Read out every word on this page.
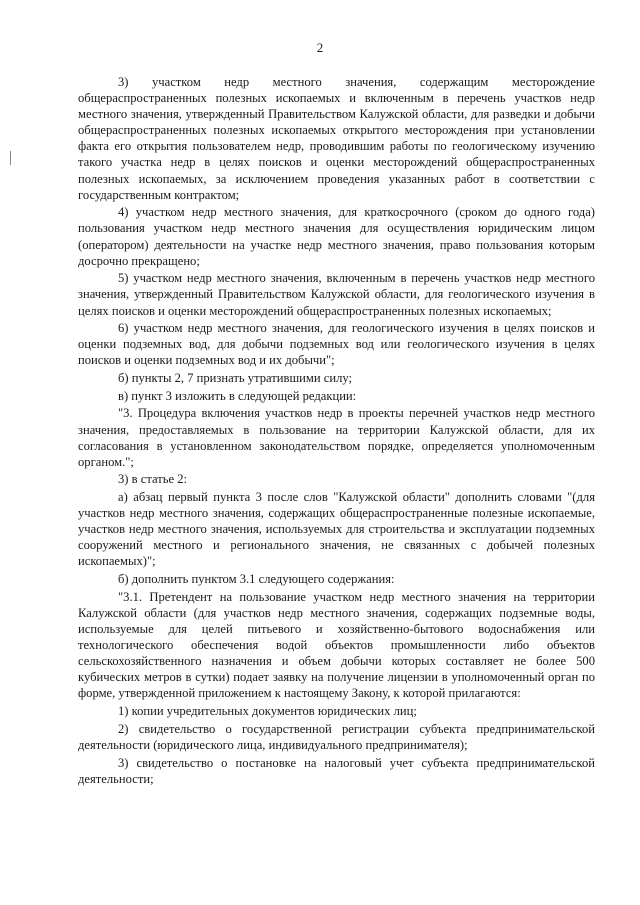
2

3) участком недр местного значения, содержащим месторождение общераспространенных полезных ископаемых и включенным в перечень участков недр местного значения, утвержденный Правительством Калужской области, для разведки и добычи общераспространенных полезных ископаемых открытого месторождения при установлении факта его открытия пользователем недр, проводившим работы по геологическому изучению такого участка недр в целях поисков и оценки месторождений общераспространенных полезных ископаемых, за исключением проведения указанных работ в соответствии с государственным контрактом;

4) участком недр местного значения, для краткосрочного (сроком до одного года) пользования участком недр местного значения для осуществления юридическим лицом (оператором) деятельности на участке недр местного значения, право пользования которым досрочно прекращено;

5) участком недр местного значения, включенным в перечень участков недр местного значения, утвержденный Правительством Калужской области, для геологического изучения в целях поисков и оценки месторождений общераспространенных полезных ископаемых;

6) участком недр местного значения, для геологического изучения в целях поисков и оценки подземных вод, для добычи подземных вод или геологического изучения в целях поисков и оценки подземных вод и их добычи";

б) пункты 2, 7 признать утратившими силу;

в) пункт 3 изложить в следующей редакции:

"3. Процедура включения участков недр в проекты перечней участков недр местного значения, предоставляемых в пользование на территории Калужской области, для их согласования в установленном законодательством порядке, определяется уполномоченным органом.";

3) в статье 2:

а) абзац первый пункта 3 после слов "Калужской области" дополнить словами "(для участков недр местного значения, содержащих общераспространенные полезные ископаемые, участков недр местного значения, используемых для строительства и эксплуатации подземных сооружений местного и регионального значения, не связанных с добычей полезных ископаемых)";

б) дополнить пунктом 3.1 следующего содержания:

"3.1. Претендент на пользование участком недр местного значения на территории Калужской области (для участков недр местного значения, содержащих подземные воды, используемые для целей питьевого и хозяйственно-бытового водоснабжения или технологического обеспечения водой объектов промышленности либо объектов сельскохозяйственного назначения и объем добычи которых составляет не более 500 кубических метров в сутки) подает заявку на получение лицензии в уполномоченный орган по форме, утвержденной приложением к настоящему Закону, к которой прилагаются:

1) копии учредительных документов юридических лиц;

2) свидетельство о государственной регистрации субъекта предпринимательской деятельности (юридического лица, индивидуального предпринимателя);

3) свидетельство о постановке на налоговый учет субъекта предпринимательской деятельности;
